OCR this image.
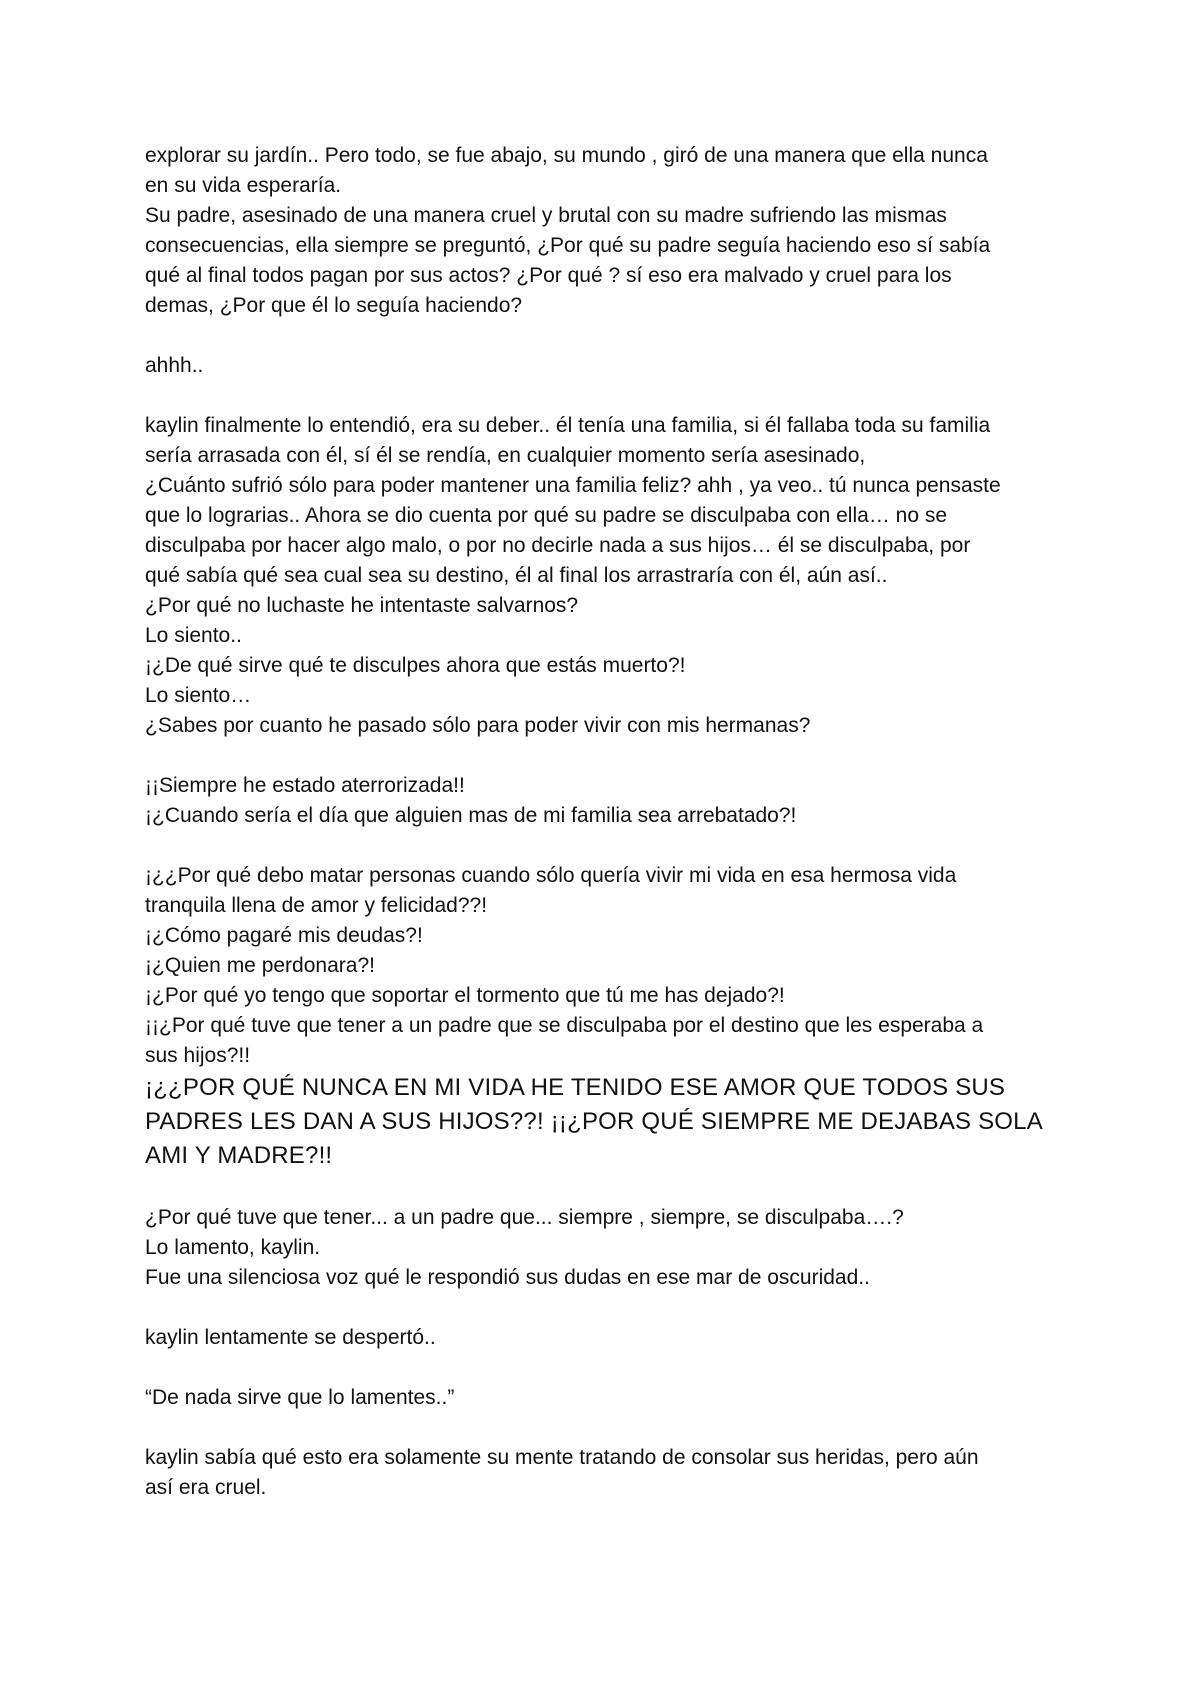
explorar su jardín.. Pero todo, se fue abajo, su mundo , giró de una manera que ella nunca
en su vida esperaría.
Su padre, asesinado de una manera cruel y brutal con su madre sufriendo las mismas
consecuencias, ella siempre se preguntó, ¿Por qué su padre seguía haciendo eso sí sabía
qué al final todos pagan por sus actos? ¿Por qué ? sí eso era malvado y cruel para los
demas, ¿Por que él lo seguía haciendo?
ahhh..
kaylin finalmente lo entendió, era su deber.. él tenía una familia, si él fallaba toda su familia
sería arrasada con él, sí él se rendía, en cualquier momento sería asesinado,
¿Cuánto sufrió sólo para poder mantener una familia feliz? ahh , ya veo.. tú nunca pensaste
que lo lograrias.. Ahora se dio cuenta por qué su padre se disculpaba con ella… no se
disculpaba por hacer algo malo, o por no decirle nada a sus hijos… él se disculpaba, por
qué sabía qué sea cual sea su destino, él al final los arrastraría con él, aún así..
¿Por qué no luchaste he intentaste salvarnos?
Lo siento..
¡¿De qué sirve qué te disculpes ahora que estás muerto?!
Lo siento…
¿Sabes por cuanto he pasado sólo para poder vivir con mis hermanas?
¡¡Siempre he estado aterrorizada!!
¡¿Cuando sería el día que alguien mas de mi familia sea arrebatado?!
¡¿¿Por qué debo matar personas cuando sólo quería vivir mi vida en esa hermosa vida
tranquila llena de amor y felicidad??!
¡¿Cómo pagaré mis deudas?!
¡¿Quien me perdonara?!
¡¿Por qué yo tengo que soportar el tormento que tú me has dejado?!
¡¡¿Por qué tuve que tener a un padre que se disculpaba por el destino que les esperaba a
sus hijos?!!
¡¿¿POR QUÉ NUNCA EN MI VIDA HE TENIDO ESE AMOR QUE TODOS SUS
PADRES LES DAN A SUS HIJOS??! ¡¡¿POR QUÉ SIEMPRE ME DEJABAS SOLA
AMI Y MADRE?!!
¿Por qué tuve que tener... a un padre que... siempre , siempre, se disculpaba….?
Lo lamento, kaylin.
Fue una silenciosa voz qué le respondió sus dudas en ese mar de oscuridad..
kaylin lentamente se despertó..
“De nada sirve que lo lamentes..”
kaylin sabía qué esto era solamente su mente tratando de consolar sus heridas, pero aún
así era cruel.
